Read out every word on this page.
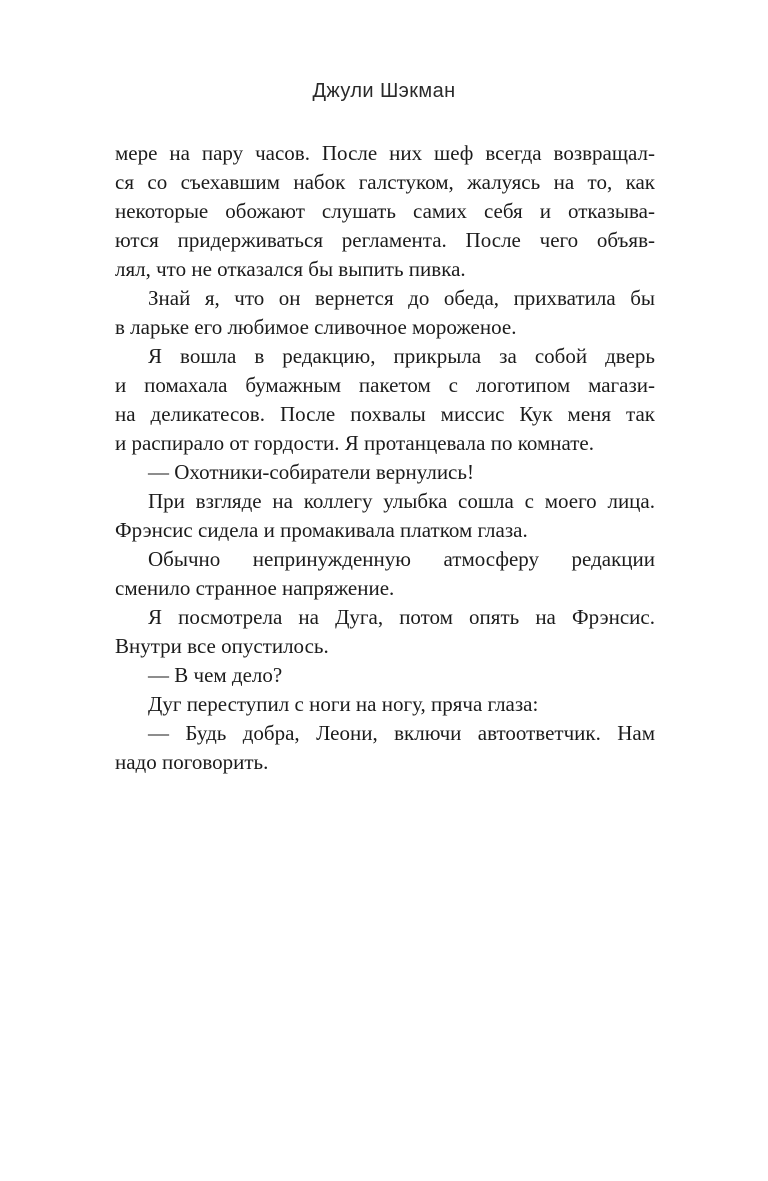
Джули Шэкман
мере на пару часов. После них шеф всегда возвращал-
ся со съехавшим набок галстуком, жалуясь на то, как
некоторые обожают слушать самих себя и отказыва-
ются придерживаться регламента. После чего объяв-
лял, что не отказался бы выпить пивка.
Знай я, что он вернется до обеда, прихватила бы
в ларьке его любимое сливочное мороженое.
Я вошла в редакцию, прикрыла за собой дверь
и помахала бумажным пакетом с логотипом магази-
на деликатесов. После похвалы миссис Кук меня так
и распирало от гордости. Я протанцевала по комнате.
— Охотники-собиратели вернулись!
При взгляде на коллегу улыбка сошла с моего лица.
Фрэнсис сидела и промакивала платком глаза.
Обычно непринужденную атмосферу редакции
сменило странное напряжение.
Я посмотрела на Дуга, потом опять на Фрэнсис.
Внутри все опустилось.
— В чем дело?
Дуг переступил с ноги на ногу, пряча глаза:
— Будь добра, Леони, включи автоответчик. Нам
надо поговорить.
